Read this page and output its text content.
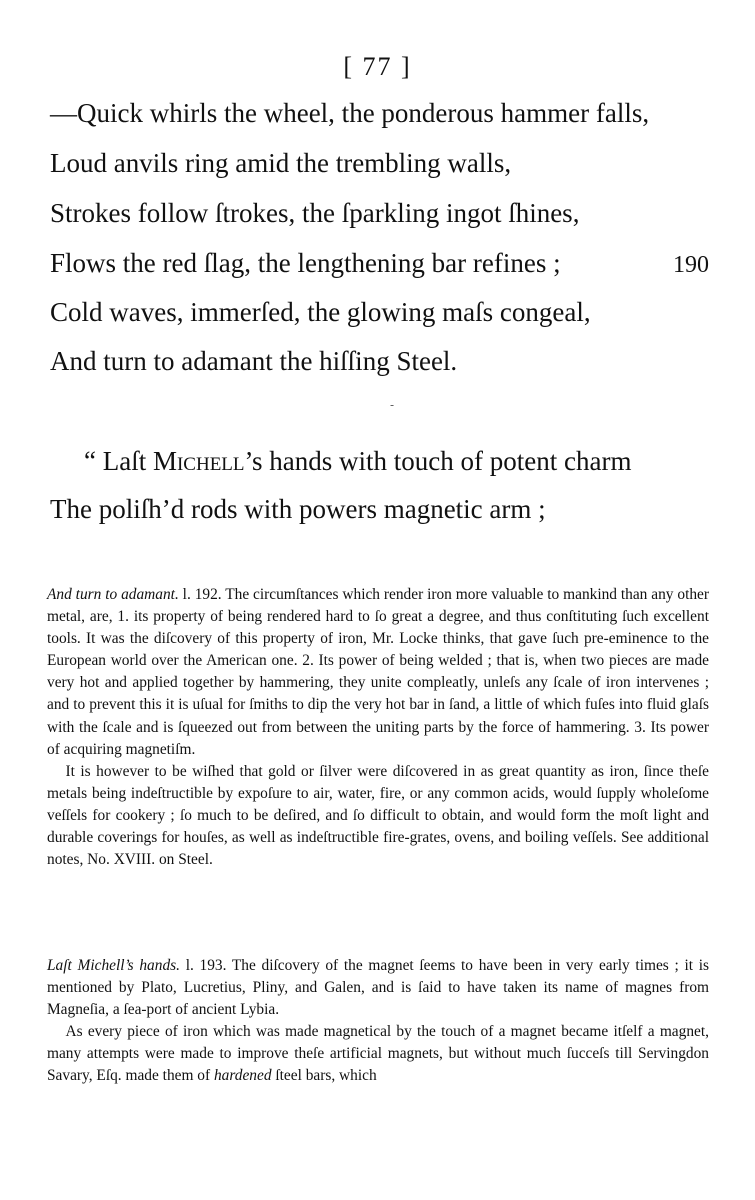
[ 77 ]
—Quick whirls the wheel, the ponderous hammer falls,
Loud anvils ring amid the trembling walls,
Strokes follow ſtrokes, the ſparkling ingot ſhines,
Flows the red ſlag, the lengthening bar refines ;
Cold waves, immerſed, the glowing maſs congeal,
And turn to adamant the hiſſing Steel.
190
-
“ Laſt Michell’s hands with touch of potent charm
The poliſh’d rods with powers magnetic arm ;

And turn to adamant. l. 192. The circumſtances which render iron more valuable to mankind than any other metal, are, 1. its property of being rendered hard to ſo great a degree, and thus conſtituting ſuch excellent tools. It was the diſcovery of this property of iron, Mr. Locke thinks, that gave ſuch pre-eminence to the European world over the American one. 2. Its power of being welded ; that is, when two pieces are made very hot and applied together by hammering, they unite compleatly, unleſs any ſcale of iron intervenes ; and to prevent this it is uſual for ſmiths to dip the very hot bar in ſand, a little of which fuſes into fluid glaſs with the ſcale and is ſqueezed out from between the uniting parts by the force of hammering. 3. Its power of acquiring magnetiſm.

It is however to be wiſhed that gold or ſilver were diſcovered in as great quantity as iron, ſince theſe metals being indeſtructible by expoſure to air, water, fire, or any common acids, would ſupply wholeſome veſſels for cookery ; ſo much to be deſired, and ſo difficult to obtain, and would form the moſt light and durable coverings for houſes, as well as indeſtructible fire-grates, ovens, and boiling veſſels. See additional notes, No. XVIII. on Steel.

Laſt Michell’s hands. l. 193. The diſcovery of the magnet ſeems to have been in very early times ; it is mentioned by Plato, Lucretius, Pliny, and Galen, and is ſaid to have taken its name of magnes from Magneſia, a ſea-port of ancient Lybia.

As every piece of iron which was made magnetical by the touch of a magnet became itſelf a magnet, many attempts were made to improve theſe artificial magnets, but without much ſucceſs till Servingdon Savary, Eſq. made them of hardened ſteel bars, which
